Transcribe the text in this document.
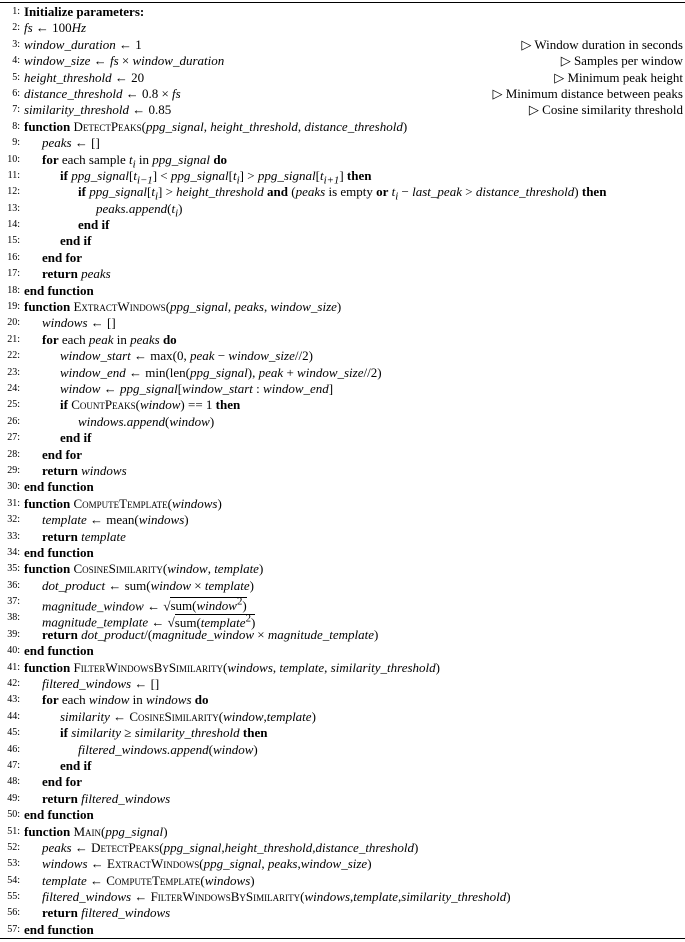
1: Initialize parameters:
2: fs ← 100Hz
3: window_duration ← 1	▷ Window duration in seconds
4: window_size ← fs × window_duration	▷ Samples per window
5: height_threshold ← 20	▷ Minimum peak height
6: distance_threshold ← 0.8 × fs	▷ Minimum distance between peaks
7: similarity_threshold ← 0.85	▷ Cosine similarity threshold
8: function DetectPeaks(ppg_signal, height_threshold, distance_threshold)
9: peaks ← []
10: for each sample $t_i$ in ppg_signal do
11:	if $ppg\_signal[t_{i-1}]$ < $ppg\_signal[t_i]$ > $ppg\_signal[t_{i+1}]$ then
12:	if $ppg\_signal[t_i]$ > height_threshold and (peaks is empty or $t_i$ − last_peak > distance_threshold) then
13:	$peaks.append(t_i)$
14:	end if
15:	end if
16: end for
17: return peaks
18: end function
19: function ExtractWindows(ppg_signal, peaks, window_size)
20: windows ← []
21: for each peak in peaks do
22:	window_start ← max(0, peak − window_size//2)
23:	window_end ← min(len(ppg_signal), peak + window_size//2)
24:	window ← ppg_signal[window_start : window_end]
25:	if CountPeaks(window) == 1 then
26:	windows.append(window)
27:	end if
28: end for
29: return windows
30: end function
31: function ComputeTemplate(windows)
32: template ← mean(windows)
33: return template
34: end function
35: function CosineSimilarity(window, template)
36: dot_product ← sum(window × template)
37: magnitude_window ← √sum(window$^2$)
38: magnitude_template ← √sum(template$^2$)
39: return dot_product/(magnitude_window × magnitude_template)
40: end function
41: function FilterWindowsBySimilarity(windows, template, similarity_threshold)
42: filtered_windows ← []
43: for each window in windows do
44:	similarity ← CosineSimilarity(window,template)
45:	if similarity ≥ similarity_threshold then
46:	filtered_windows.append(window)
47:	end if
48: end for
49: return filtered_windows
50: end function
51: function Main(ppg_signal)
52: peaks ← DetectPeaks(ppg_signal,height_threshold,distance_threshold)
53: windows ← ExtractWindows(ppg_signal, peaks,window_size)
54: template ← ComputeTemplate(windows)
55: filtered_windows ← FilterWindowsBySimilarity(windows,template,similarity_threshold)
56: return filtered_windows
57: end function
